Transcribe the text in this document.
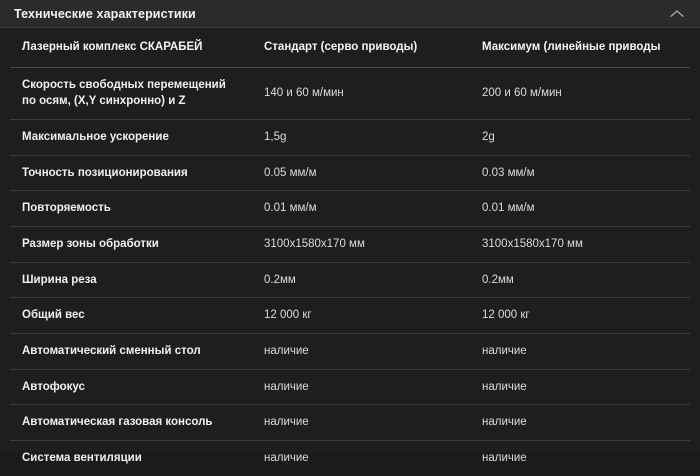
Технические характеристики
Лазерный комплекс СКАРАБЕЙ	Стандарт (серво приводы)	Максимум (линейные приводы
Скорость свободных перемещений по осям, (X,Y синхронно) и Z	140 и 60 м/мин	200 и 60 м/мин
Максимальное ускорение	1,5g	2g
Точность позиционирования	0.05 мм/м	0.03 мм/м
Повторяемость	0.01 мм/м	0.01 мм/м
Размер зоны обработки	3100x1580x170 мм	3100x1580x170 мм
Ширина реза	0.2мм	0.2мм
Общий вес	12 000 кг	12 000 кг
Автоматический сменный стол	наличие	наличие
Автофокус	наличие	наличие
Автоматическая газовая консоль	наличие	наличие
Система вентиляции	наличие	наличие
